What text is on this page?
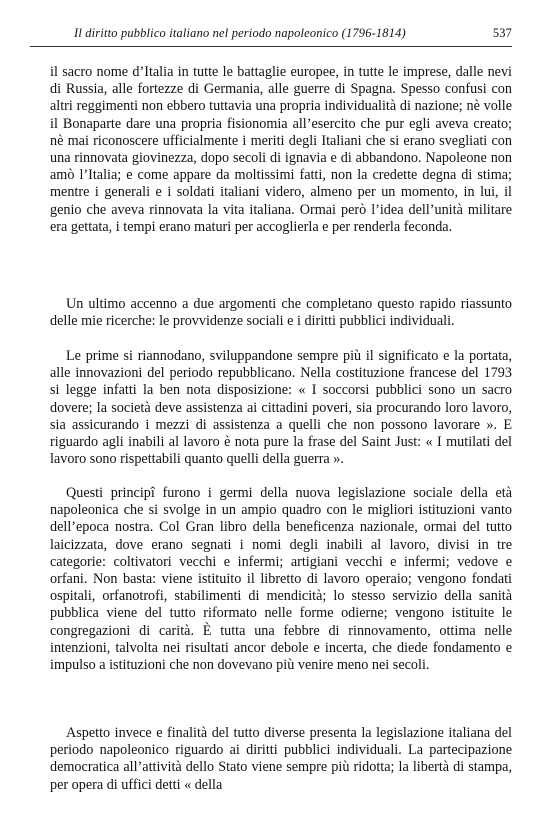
Il diritto pubblico italiano nel periodo napoleonico (1796-1814)	537

il sacro nome d’Italia in tutte le battaglie europee, in tutte le imprese, dalle nevi di Russia, alle fortezze di Germania, alle guerre di Spagna. Spesso confusi con altri reggimenti non ebbero tuttavia una propria individualità di nazione; nè volle il Bonaparte dare una propria fisionomia all’esercito che pur egli aveva creato; nè mai riconoscere ufficialmente i meriti degli Italiani che si erano svegliati con una rinnovata giovinezza, dopo secoli di ignavia e di abbandono. Napoleone non amò l’Italia; e come appare da moltissimi fatti, non la credette degna di stima; mentre i generali e i soldati italiani videro, almeno per un momento, in lui, il genio che aveva rinnovata la vita italiana. Ormai però l’idea dell’unità militare era gettata, i tempi erano maturi per accoglierla e per renderla feconda.

Un ultimo accenno a due argomenti che completano questo rapido riassunto delle mie ricerche: le provvidenze sociali e i diritti pubblici individuali.

Le prime si riannodano, sviluppandone sempre più il significato e la portata, alle innovazioni del periodo repubblicano. Nella costituzione francese del 1793 si legge infatti la ben nota disposizione: « I soccorsi pubblici sono un sacro dovere; la società deve assistenza ai cittadini poveri, sia procurando loro lavoro, sia assicurando i mezzi di assistenza a quelli che non possono lavorare ». E riguardo agli inabili al lavoro è nota pure la frase del Saint Just: « I mutilati del lavoro sono rispettabili quanto quelli della guerra ».

Questi principî furono i germi della nuova legislazione sociale della età napoleonica che si svolge in un ampio quadro con le migliori istituzioni vanto dell’epoca nostra. Col Gran libro della beneficenza nazionale, ormai del tutto laicizzata, dove erano segnati i nomi degli inabili al lavoro, divisi in tre categorie: coltivatori vecchi e infermi; artigiani vecchi e infermi; vedove e orfani. Non basta: viene istituito il libretto di lavoro operaio; vengono fondati ospitali, orfanotrofi, stabilimenti di mendicità; lo stesso servizio della sanità pubblica viene del tutto riformato nelle forme odierne; vengono istituite le congregazioni di carità. È tutta una febbre di rinnovamento, ottima nelle intenzioni, talvolta nei risultati ancor debole e incerta, che diede fondamento e impulso a istituzioni che non dovevano più venire meno nei secoli.

Aspetto invece e finalità del tutto diverse presenta la legislazione italiana del periodo napoleonico riguardo ai diritti pubblici individuali. La partecipazione democratica all’attività dello Stato viene sempre più ridotta; la libertà di stampa, per opera di uffici detti « della
